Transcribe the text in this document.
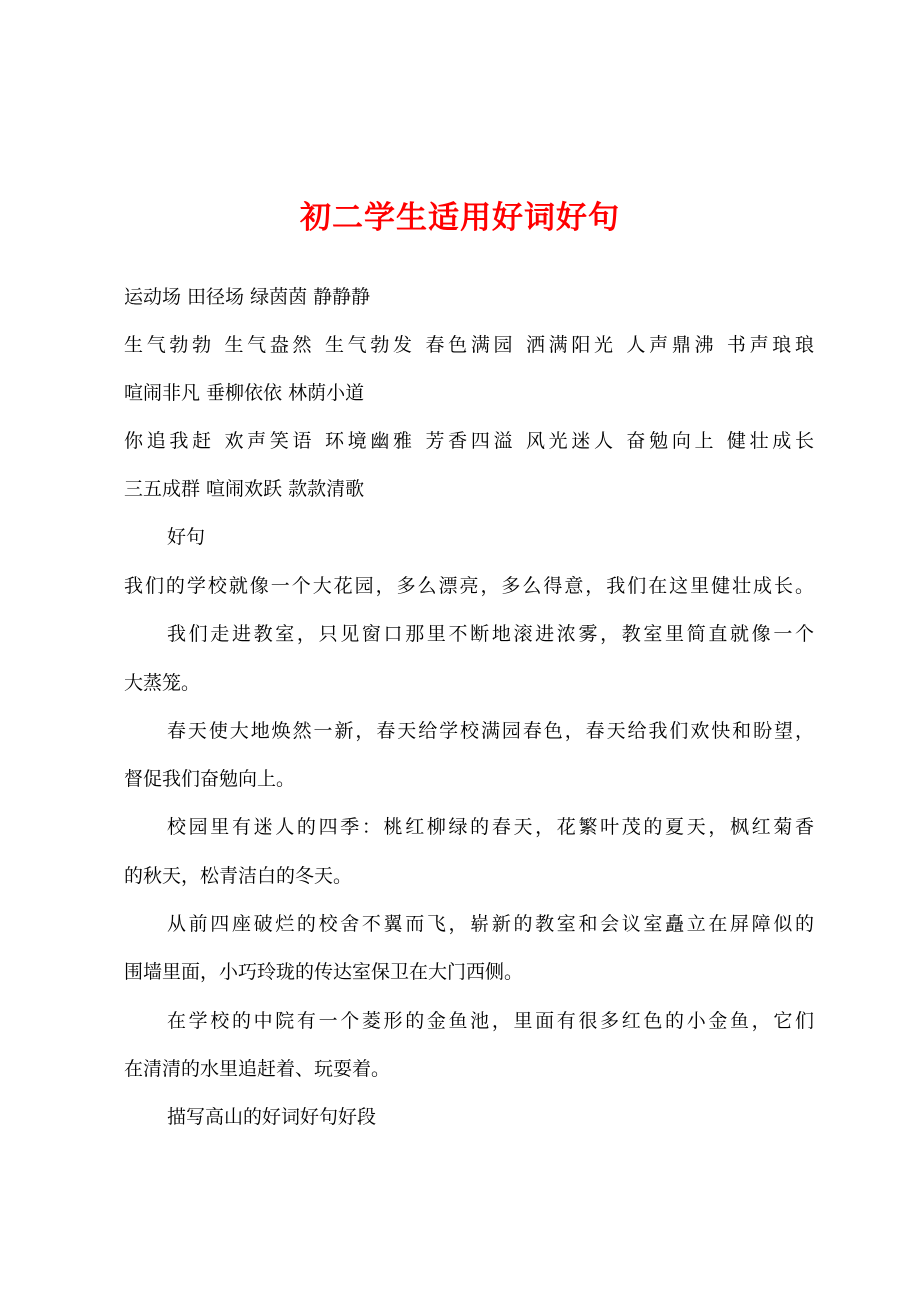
初二学生适用好词好句
运动场 田径场 绿茵茵 静静静
生气勃勃 生气盎然 生气勃发 春色满园 洒满阳光 人声鼎沸 书声琅琅
喧闹非凡 垂柳依依 林荫小道
你追我赶 欢声笑语 环境幽雅 芳香四溢 风光迷人 奋勉向上 健壮成长
三五成群 喧闹欢跃 款款清歌
好句
我们的学校就像一个大花园，多么漂亮，多么得意，我们在这里健壮成长。
我们走进教室，只见窗口那里不断地滚进浓雾，教室里简直就像一个
大蒸笼。
春天使大地焕然一新，春天给学校满园春色，春天给我们欢快和盼望，
督促我们奋勉向上。
校园里有迷人的四季：桃红柳绿的春天，花繁叶茂的夏天，枫红菊香
的秋天，松青洁白的冬天。
从前四座破烂的校舍不翼而飞，崭新的教室和会议室矗立在屏障似的
围墙里面，小巧玲珑的传达室保卫在大门西侧。
在学校的中院有一个菱形的金鱼池，里面有很多红色的小金鱼，它们
在清清的水里追赶着、玩耍着。
描写高山的好词好句好段
